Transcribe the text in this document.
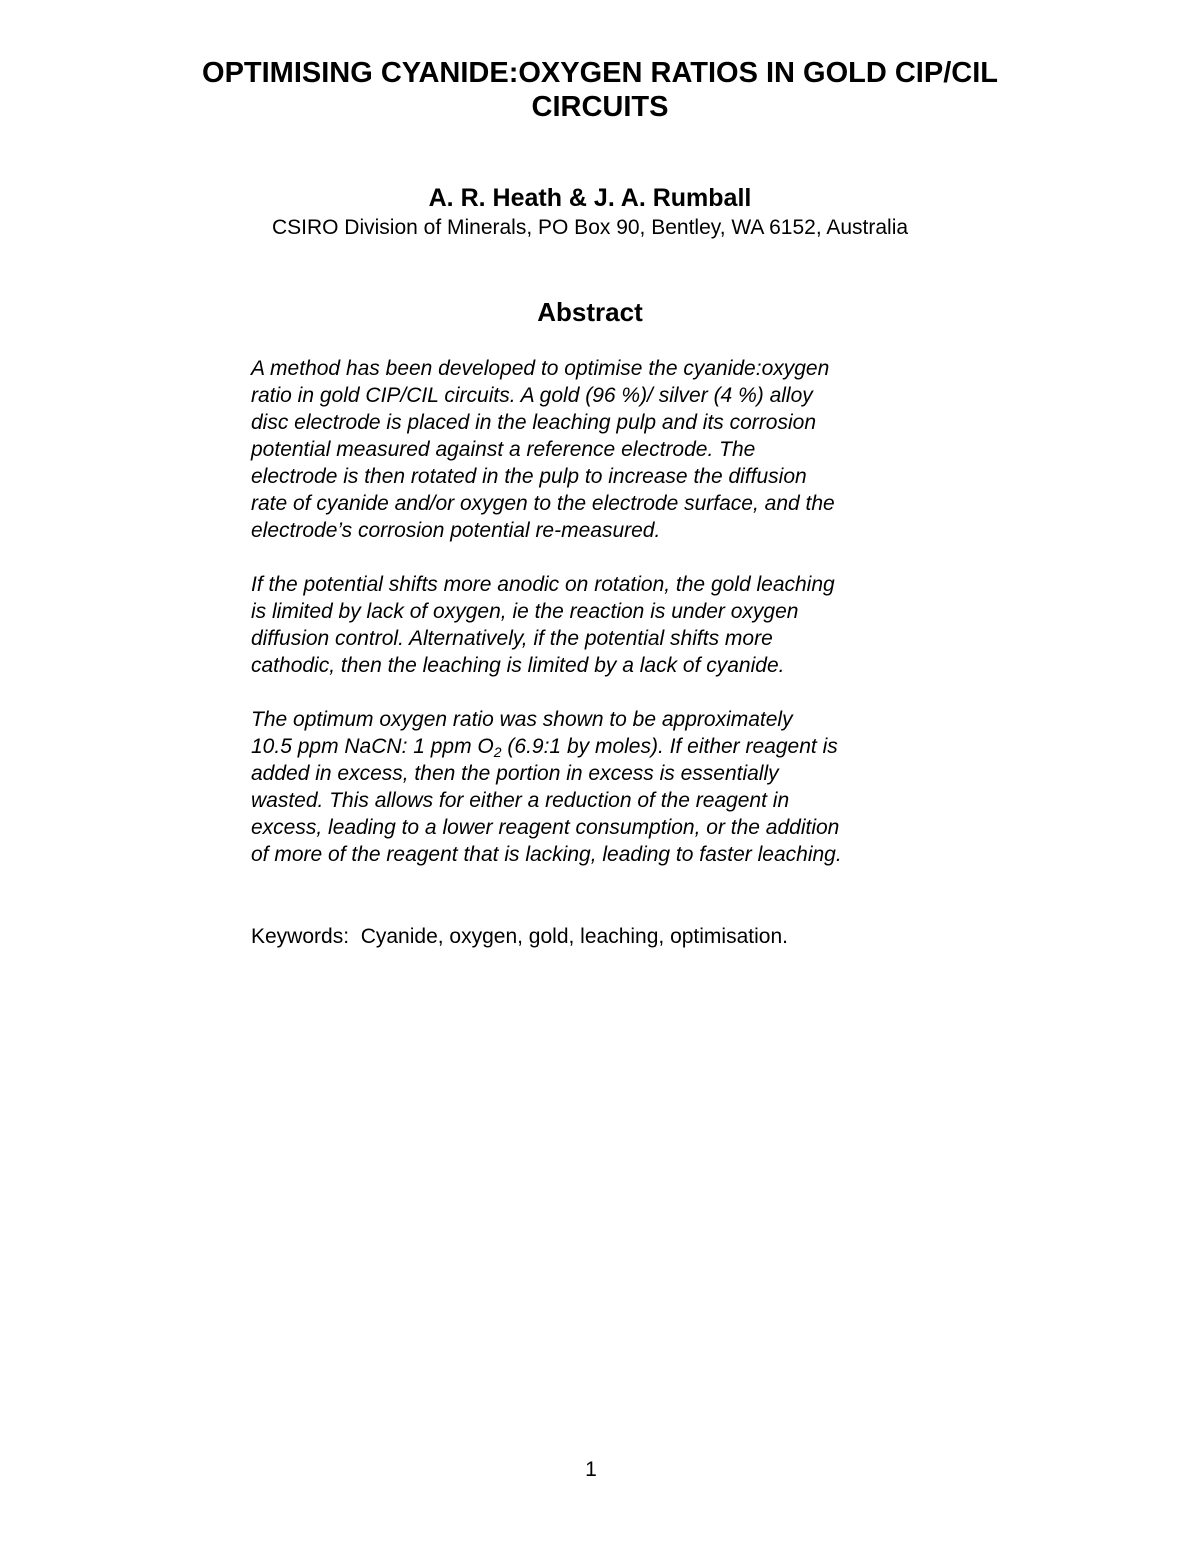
OPTIMISING CYANIDE:OXYGEN RATIOS IN GOLD CIP/CIL
CIRCUITS
A. R. Heath & J. A. Rumball
CSIRO Division of Minerals, PO Box 90, Bentley, WA 6152, Australia
Abstract

A method has been developed to optimise the cyanide:oxygen
ratio in gold CIP/CIL circuits. A gold (96 %)/ silver (4 %) alloy
disc electrode is placed in the leaching pulp and its corrosion
potential measured against a reference electrode. The
electrode is then rotated in the pulp to increase the diffusion
rate of cyanide and/or oxygen to the electrode surface, and the
electrode’s corrosion potential re-measured.

If the potential shifts more anodic on rotation, the gold leaching
is limited by lack of oxygen, ie the reaction is under oxygen
diffusion control. Alternatively, if the potential shifts more
cathodic, then the leaching is limited by a lack of cyanide.

The optimum oxygen ratio was shown to be approximately
10.5 ppm NaCN: 1 ppm $O_2$ (6.9:1 by moles). If either reagent is
added in excess, then the portion in excess is essentially
wasted. This allows for either a reduction of the reagent in
excess, leading to a lower reagent consumption, or the addition
of more of the reagent that is lacking, leading to faster leaching.

Keywords:  Cyanide, oxygen, gold, leaching, optimisation.
1
